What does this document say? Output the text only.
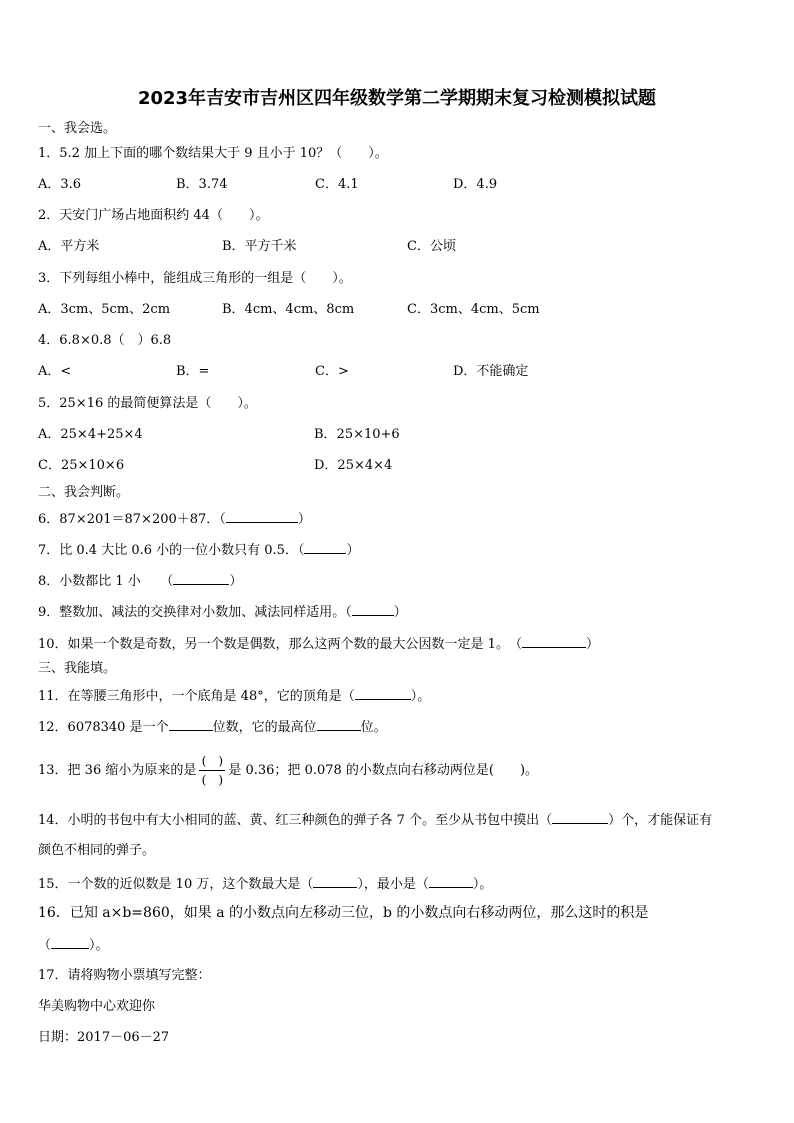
2023年吉安市吉州区四年级数学第二学期期末复习检测模拟试题
一、我会选。
1．5.2 加上下面的哪个数结果大于 9 且小于 10？（　　）。
A．3.6	B．3.74	C．4.1	D．4.9
2．天安门广场占地面积约 44（　　）。
A．平方米	B．平方千米	C．公顷
3．下列每组小棒中，能组成三角形的一组是（　　）。
A．3cm、5cm、2cm	B．4cm、4cm、8cm	C．3cm、4cm、5cm
4．6.8×0.8（　）6.8
A．<	B．=	C．>	D．不能确定
5．25×16 的最简便算法是（　　）。
A．25×4+25×4	B．25×10+6
C．25×10×6	D．25×4×4
二、我会判断。
6．87×201＝87×200＋87．（	）
7．比 0.4 大比 0.6 小的一位小数只有 0.5．（	）
8．小数都比 1 小　　（	）
9．整数加、减法的交换律对小数加、减法同样适用。（	）
10．如果一个数是奇数，另一个数是偶数，那么这两个数的最大公因数一定是 1。　（	）
三、我能填。
11．在等腰三角形中，一个底角是 48°，它的顶角是（	）。
12．6078340 是一个	位数，它的最高位	位。
13．把 36 缩小为原来的是 $\frac{( )}{( )}$ 是 0.36；把 0.078 的小数点向右移动两位是(　　)。
14．小明的书包中有大小相同的蓝、黄、红三种颜色的弹子各 7 个。至少从书包中摸出（	）个，才能保证有
颜色不相同的弹子。
15．一个数的近似数是 10 万，这个数最大是（	），最小是（	）。
16．已知 a×b=860，如果 a 的小数点向左移动三位，b 的小数点向右移动两位，那么这时的积是
（	）。
17．请将购物小票填写完整：
华美购物中心欢迎你
日期：2017－06－27
